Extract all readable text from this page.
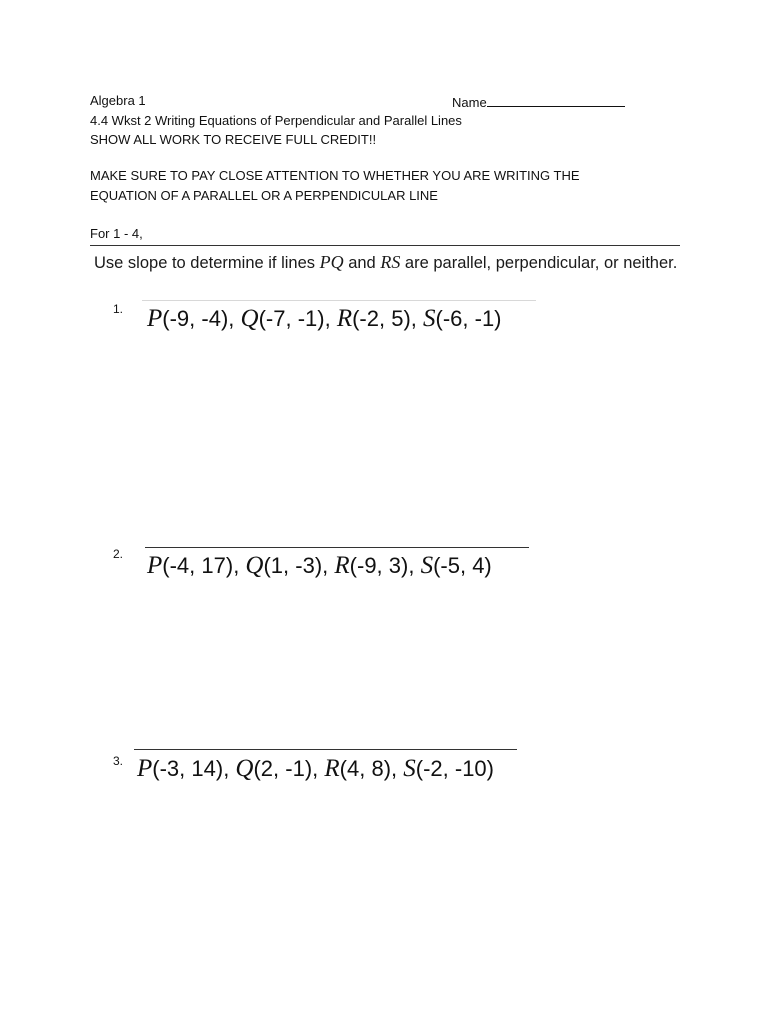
Algebra 1	Name
4.4 Wkst 2 Writing Equations of Perpendicular and Parallel Lines
SHOW ALL WORK TO RECEIVE FULL CREDIT!!
MAKE SURE TO PAY CLOSE ATTENTION TO WHETHER YOU ARE WRITING THE
EQUATION OF A PARALLEL OR A PERPENDICULAR LINE
For 1 - 4,
Use slope to determine if lines PQ and RS are parallel, perpendicular, or neither.
1. P(-9, -4), Q(-7, -1), R(-2, 5), S(-6, -1)
2. P(-4, 17), Q(1, -3), R(-9, 3), S(-5, 4)
3. P(-3, 14), Q(2, -1), R(4, 8), S(-2, -10)
